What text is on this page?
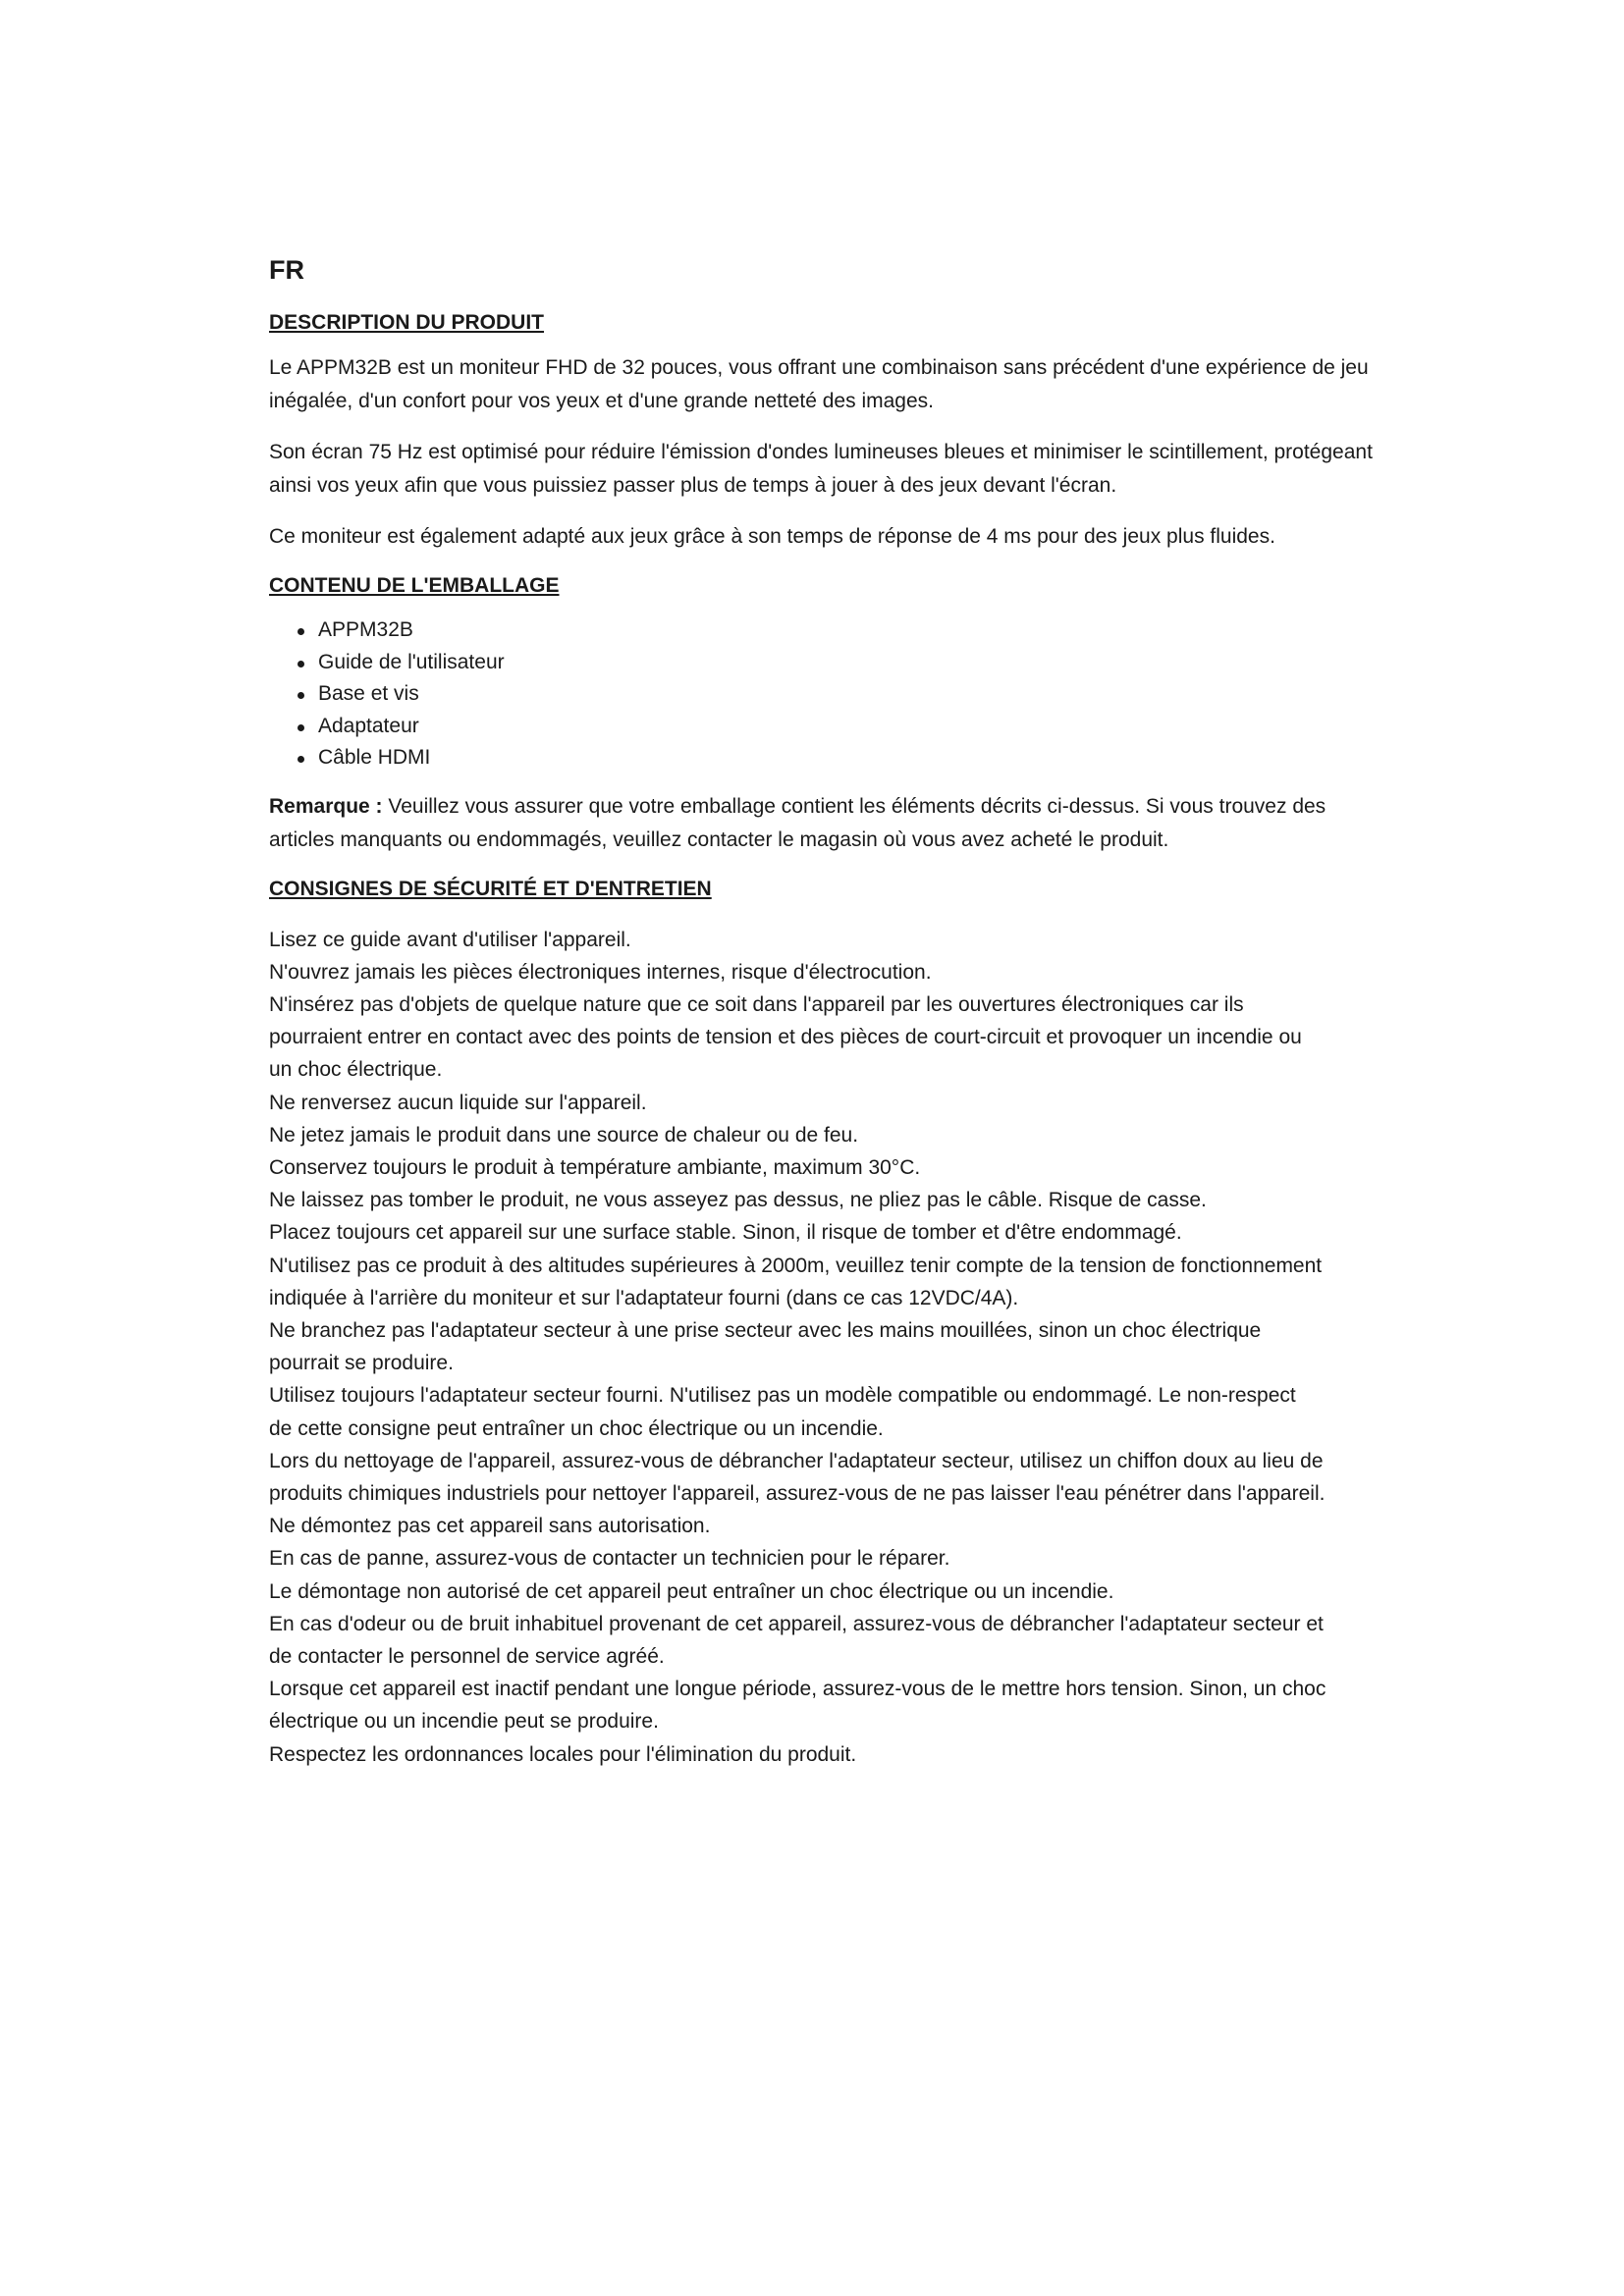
FR
DESCRIPTION DU PRODUIT

Le APPM32B est un moniteur FHD de 32 pouces, vous offrant une combinaison sans précédent d'une expérience de jeu inégalée, d'un confort pour vos yeux et d'une grande netteté des images.

Son écran 75 Hz est optimisé pour réduire l'émission d'ondes lumineuses bleues et minimiser le scintillement, protégeant ainsi vos yeux afin que vous puissiez passer plus de temps à jouer à des jeux devant l'écran.

Ce moniteur est également adapté aux jeux grâce à son temps de réponse de 4 ms pour des jeux plus fluides.

CONTENU DE L'EMBALLAGE
APPM32B
Guide de l'utilisateur
Base et vis
Adaptateur
Câble HDMI

Remarque : Veuillez vous assurer que votre emballage contient les éléments décrits ci-dessus. Si vous trouvez des articles manquants ou endommagés, veuillez contacter le magasin où vous avez acheté le produit.

CONSIGNES DE SÉCURITÉ ET D'ENTRETIEN
Lisez ce guide avant d'utiliser l'appareil.
N'ouvrez jamais les pièces électroniques internes, risque d'électrocution.
N'insérez pas d'objets de quelque nature que ce soit dans l'appareil par les ouvertures électroniques car ils
pourraient entrer en contact avec des points de tension et des pièces de court-circuit et provoquer un incendie ou
un choc électrique.
Ne renversez aucun liquide sur l'appareil.
Ne jetez jamais le produit dans une source de chaleur ou de feu.
Conservez toujours le produit à température ambiante, maximum 30°C.
Ne laissez pas tomber le produit, ne vous asseyez pas dessus, ne pliez pas le câble. Risque de casse.
Placez toujours cet appareil sur une surface stable. Sinon, il risque de tomber et d'être endommagé.
N'utilisez pas ce produit à des altitudes supérieures à 2000m, veuillez tenir compte de la tension de fonctionnement
indiquée à l'arrière du moniteur et sur l'adaptateur fourni (dans ce cas 12VDC/4A).
Ne branchez pas l'adaptateur secteur à une prise secteur avec les mains mouillées, sinon un choc électrique
pourrait se produire.
Utilisez toujours l'adaptateur secteur fourni. N'utilisez pas un modèle compatible ou endommagé. Le non-respect
de cette consigne peut entraîner un choc électrique ou un incendie.
Lors du nettoyage de l'appareil, assurez-vous de débrancher l'adaptateur secteur, utilisez un chiffon doux au lieu de
produits chimiques industriels pour nettoyer l'appareil, assurez-vous de ne pas laisser l'eau pénétrer dans l'appareil.
Ne démontez pas cet appareil sans autorisation.
En cas de panne, assurez-vous de contacter un technicien pour le réparer.
Le démontage non autorisé de cet appareil peut entraîner un choc électrique ou un incendie.
En cas d'odeur ou de bruit inhabituel provenant de cet appareil, assurez-vous de débrancher l'adaptateur secteur et
de contacter le personnel de service agréé.
Lorsque cet appareil est inactif pendant une longue période, assurez-vous de le mettre hors tension. Sinon, un choc
électrique ou un incendie peut se produire.
Respectez les ordonnances locales pour l'élimination du produit.
